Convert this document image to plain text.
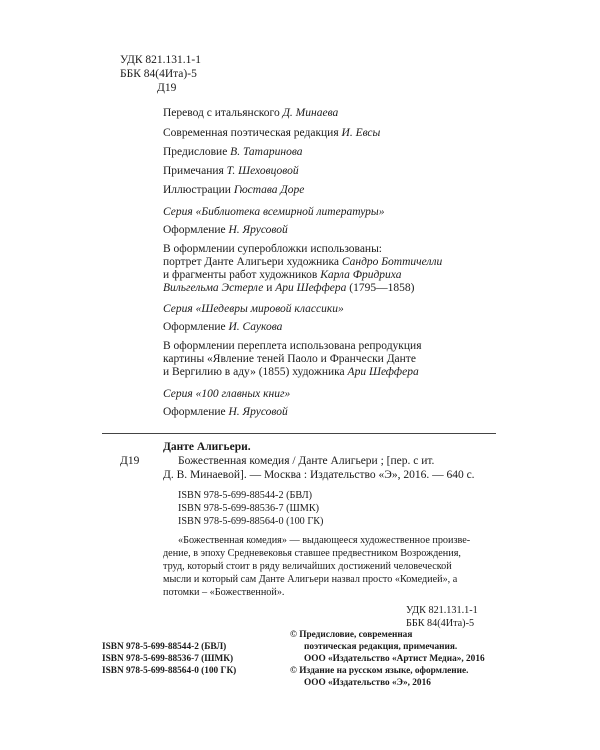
УДК 821.131.1-1
ББК 84(4Ита)-5
Д19
Перевод с итальянского Д. Минаева
Современная поэтическая редакция И. Евсы
Предисловие В. Татаринова
Примечания Т. Шеховцовой
Иллюстрации Гюстава Доре
Серия «Библиотека всемирной литературы»
Оформление Н. Ярусовой
В оформлении суперобложки использованы:
портрет Данте Алигьери художника Сандро Боттичелли
и фрагменты работ художников Карла Фридриха
Вильгельма Эстерле и Ари Шеффера (1795—1858)
Серия «Шедевры мировой классики»
Оформление И. Саукова
В оформлении переплета использована репродукция
картины «Явление теней Паоло и Франчески Данте
и Вергилию в аду» (1855) художника Ари Шеффера
Серия «100 главных книг»
Оформление Н. Ярусовой
Данте Алигьери.
Д19	Божественная комедия / Данте Алигьери ; [пер. с ит.
Д. В. Минаевой]. — Москва : Издательство «Э», 2016. — 640 с.
ISBN 978-5-699-88544-2 (БВЛ)
ISBN 978-5-699-88536-7 (ШМК)
ISBN 978-5-699-88564-0 (100 ГК)
«Божественная комедия» — выдающееся художественное произве-
дение, в эпоху Средневековья ставшее предвестником Возрождения,
труд, который стоит в ряду величайших достижений человеческой
мысли и который сам Данте Алигьери назвал просто «Комедией», а
потомки – «Божественной».
УДК 821.131.1-1
ББК 84(4Ита)-5
ISBN 978-5-699-88544-2 (БВЛ)
ISBN 978-5-699-88536-7 (ШМК)
ISBN 978-5-699-88564-0 (100 ГК)
© Предисловие, современная
поэтическая редакция, примечания.
ООО «Издательство «Артист Медиа», 2016
© Издание на русском языке, оформление.
ООО «Издательство «Э», 2016
